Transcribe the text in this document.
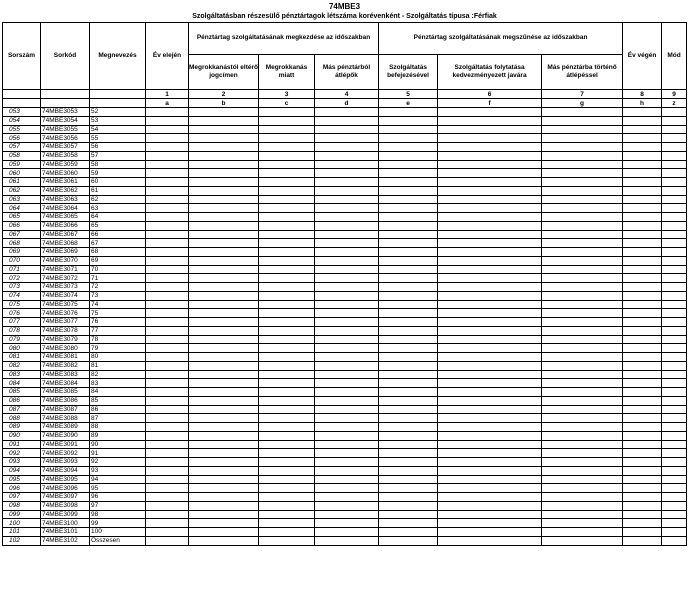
74MBE3
Szolgáltatásban részesülő pénztártagok létszáma korévenként - Szolgáltatás típusa :Férfiak
Sorszám	Sorkód	Megnevezés	Év elején	Pénztártag szolgáltatásának megkezdése az időszakban			Pénztártag szolgáltatásának megszűnése az időszakban			Év végén	Mód
				Megrokkanástól eltérő jogcímen	Megrokkanás miatt	Más pénztárból átlépők	Szolgáltatás befejezésével	Szolgáltatás folytatása kedvezményezett javára	Más pénztárba történő átlépéssel		
			1	2	3	4	5	6	7	8	9
			a	b	c	d	e	f	g	h	z
053	74MBE3053	52									
054	74MBE3054	53									
055	74MBE3055	54									
056	74MBE3056	55									
057	74MBE3057	56									
058	74MBE3058	57									
059	74MBE3059	58									
060	74MBE3060	59									
061	74MBE3061	60									
062	74MBE3062	61									
063	74MBE3063	62									
064	74MBE3064	63									
065	74MBE3065	64									
066	74MBE3066	65									
067	74MBE3067	66									
068	74MBE3068	67									
069	74MBE3069	68									
070	74MBE3070	69									
071	74MBE3071	70									
072	74MBE3072	71									
073	74MBE3073	72									
074	74MBE3074	73									
075	74MBE3075	74									
076	74MBE3076	75									
077	74MBE3077	76									
078	74MBE3078	77									
079	74MBE3079	78									
080	74MBE3080	79									
081	74MBE3081	80									
082	74MBE3082	81									
083	74MBE3083	82									
084	74MBE3084	83									
085	74MBE3085	84									
086	74MBE3086	85									
087	74MBE3087	86									
088	74MBE3088	87									
089	74MBE3089	88									
090	74MBE3090	89									
091	74MBE3091	90									
092	74MBE3092	91									
093	74MBE3093	92									
094	74MBE3094	93									
095	74MBE3095	94									
096	74MBE3096	95									
097	74MBE3097	96									
098	74MBE3098	97									
099	74MBE3099	98									
100	74MBE3100	99									
101	74MBE3101	100									
102	74MBE3102	Összesen									
